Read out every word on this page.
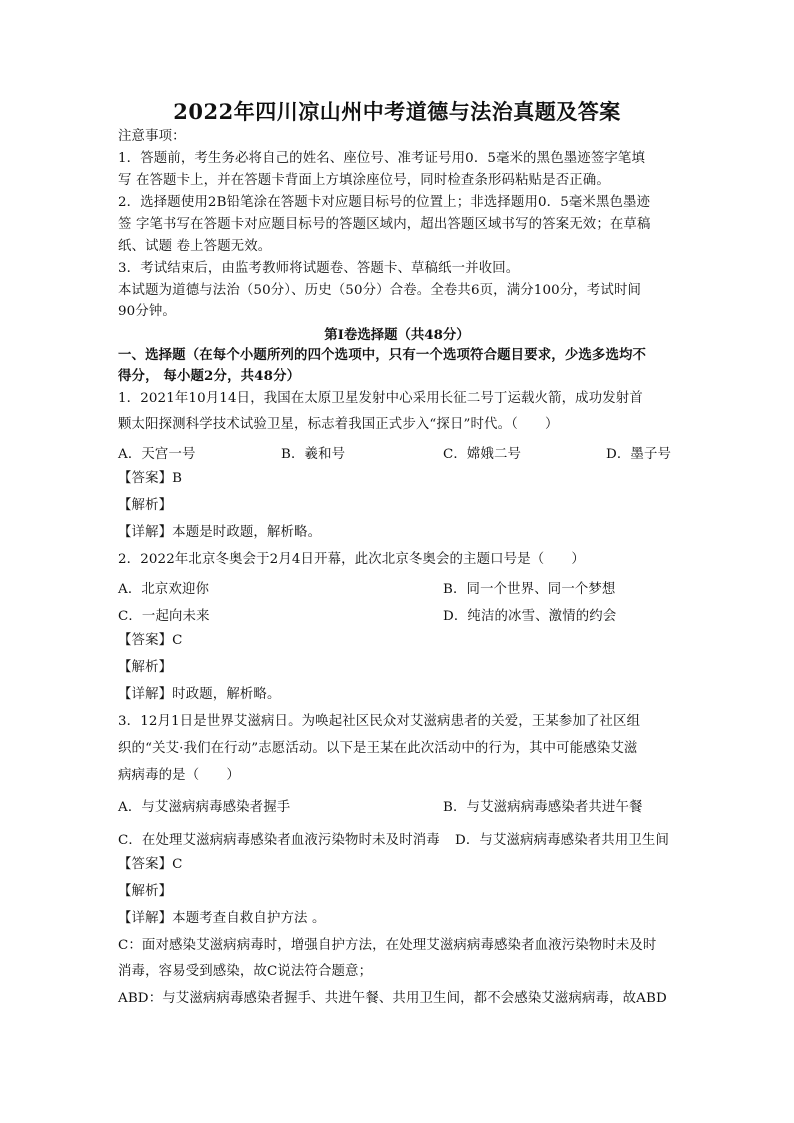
2022年四川凉山州中考道德与法治真题及答案
注意事项：
1．答题前，考生务必将自己的姓名、座位号、准考证号用0．5毫米的黑色墨迹签字笔填
写 在答题卡上，并在答题卡背面上方填涂座位号，同时检查条形码粘贴是否正确。
2．选择题使用2B铅笔涂在答题卡对应题目标号的位置上；非选择题用0．5毫米黑色墨迹
签 字笔书写在答题卡对应题目标号的答题区域内，超出答题区域书写的答案无效；在草稿
纸、试题 卷上答题无效。
3．考试结束后，由监考教师将试题卷、答题卡、草稿纸一并收回。
本试题为道德与法治（50分）、历史（50分）合卷。全卷共6页，满分100分，考试时间
90分钟。
第I卷选择题（共48分）
一、选择题（在每个小题所列的四个选项中，只有一个选项符合题目要求，少选多选均不
得分， 每小题2分，共48分）
1．2021年10月14日，我国在太原卫星发射中心采用长征二号丁运载火箭，成功发射首
颗太阳探测科学技术试验卫星，标志着我国正式步入“探日”时代。（　　）
A．天宫一号	B．羲和号	C．嫦娥二号	D．墨子号
【答案】B
【解析】
【详解】本题是时政题，解析略。
2．2022年北京冬奥会于2月4日开幕，此次北京冬奥会的主题口号是（　　）
A．北京欢迎你	B．同一个世界、同一个梦想
C．一起向未来	D．纯洁的冰雪、激情的约会
【答案】C
【解析】
【详解】时政题，解析略。
3．12月1日是世界艾滋病日。为唤起社区民众对艾滋病患者的关爱，王某参加了社区组
织的“关艾·我们在行动”志愿活动。以下是王某在此次活动中的行为，其中可能感染艾滋
病病毒的是（　　）
A．与艾滋病病毒感染者握手	B．与艾滋病病毒感染者共进午餐
C．在处理艾滋病病毒感染者血液污染物时未及时消毒 D．与艾滋病病毒感染者共用卫生间
【答案】C
【解析】
【详解】本题考查自救自护方法 。
C：面对感染艾滋病病毒时，增强自护方法，在处理艾滋病病毒感染者血液污染物时未及时
消毒，容易受到感染，故C说法符合题意；
ABD：与艾滋病病毒感染者握手、共进午餐、共用卫生间，都不会感染艾滋病病毒，故ABD
